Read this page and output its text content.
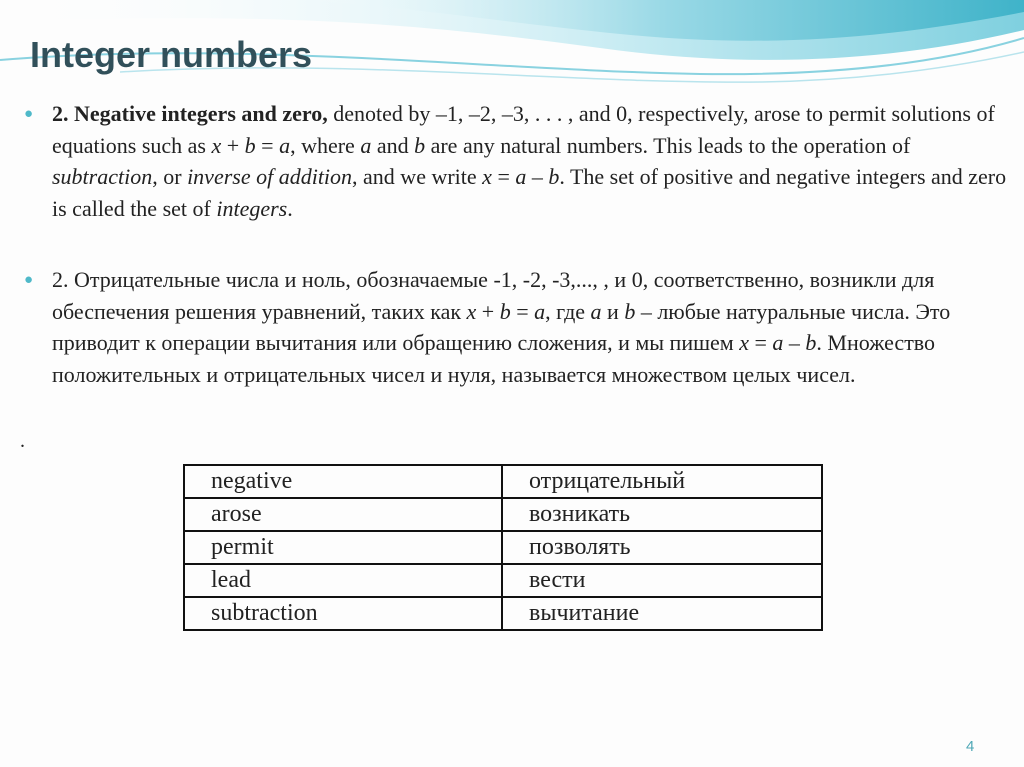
Integer numbers
● 2. Negative integers and zero, denoted by –1, –2, –3, . . . , and 0, respectively, arose to permit solutions of equations such as x + b = a, where a and b are any natural numbers. This leads to the operation of subtraction, or inverse of addition, and we write x = a – b. The set of positive and negative integers and zero is called the set of integers.
● 2. Отрицательные числа и ноль, обозначаемые -1, -2, -3,..., , и 0, соответственно, возникли для обеспечения решения уравнений, таких как x + b = a, где a и b – любые натуральные числа. Это приводит к операции вычитания или обращению сложения, и мы пишем x = a – b. Множество положительных и отрицательных чисел и нуля, называется множеством целых чисел.
.
negative	отрицательный
arose	возникать
permit	позволять
lead	вести
subtraction	вычитание
4
